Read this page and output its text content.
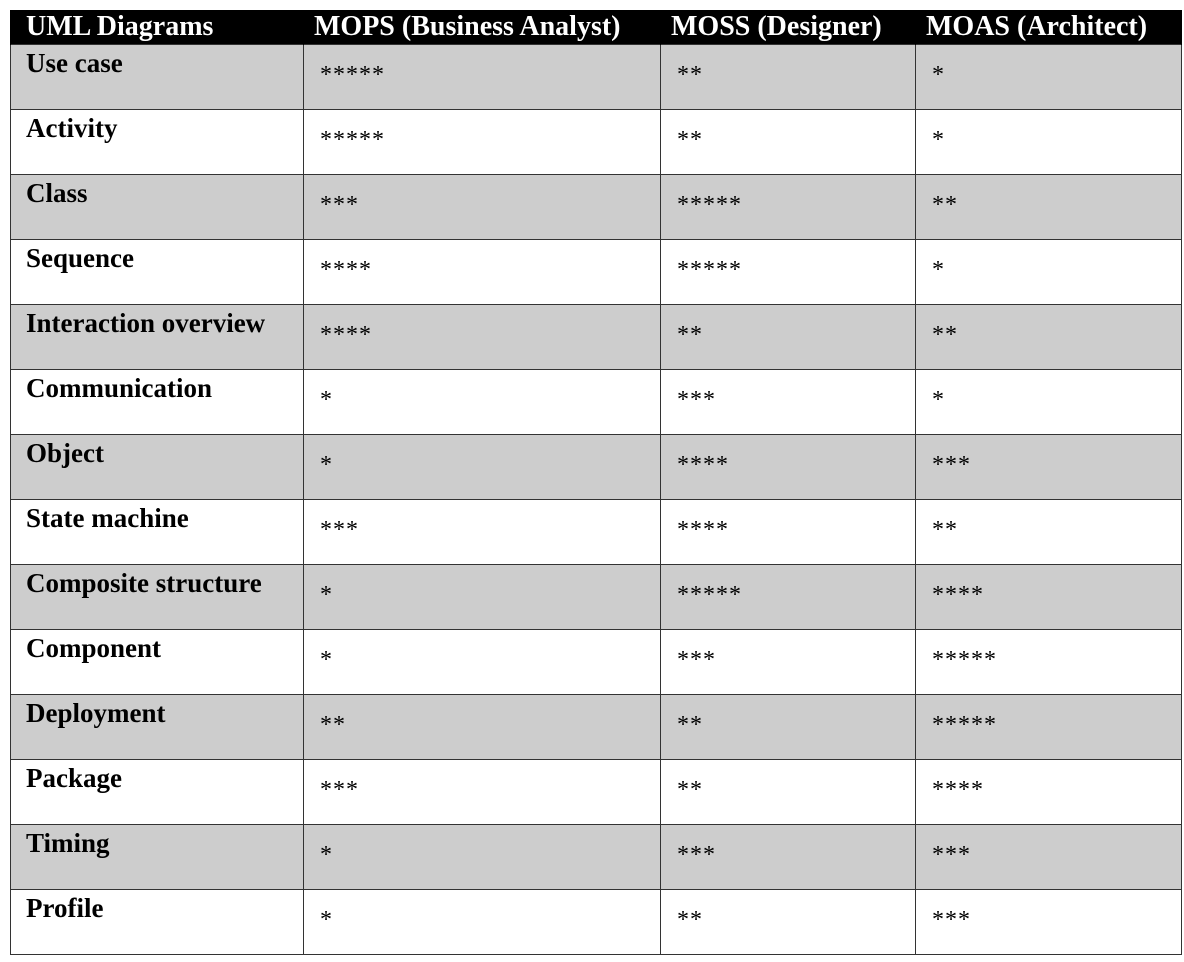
UML Diagrams	MOPS (Business Analyst)	MOSS (Designer)	MOAS (Architect)

Use case	*****	**	*

Activity	*****	**	*

Class	***	*****	**

Sequence	****	*****	*

Interaction overview	****	**	**

Communication	*	***	*

Object	*	****	***

State machine	***	****	**

Composite structure	*	*****	****

Component	*	***	*****

Deployment	**	**	*****

Package	***	**	****

Timing	*	***	***

Profile	*	**	***
